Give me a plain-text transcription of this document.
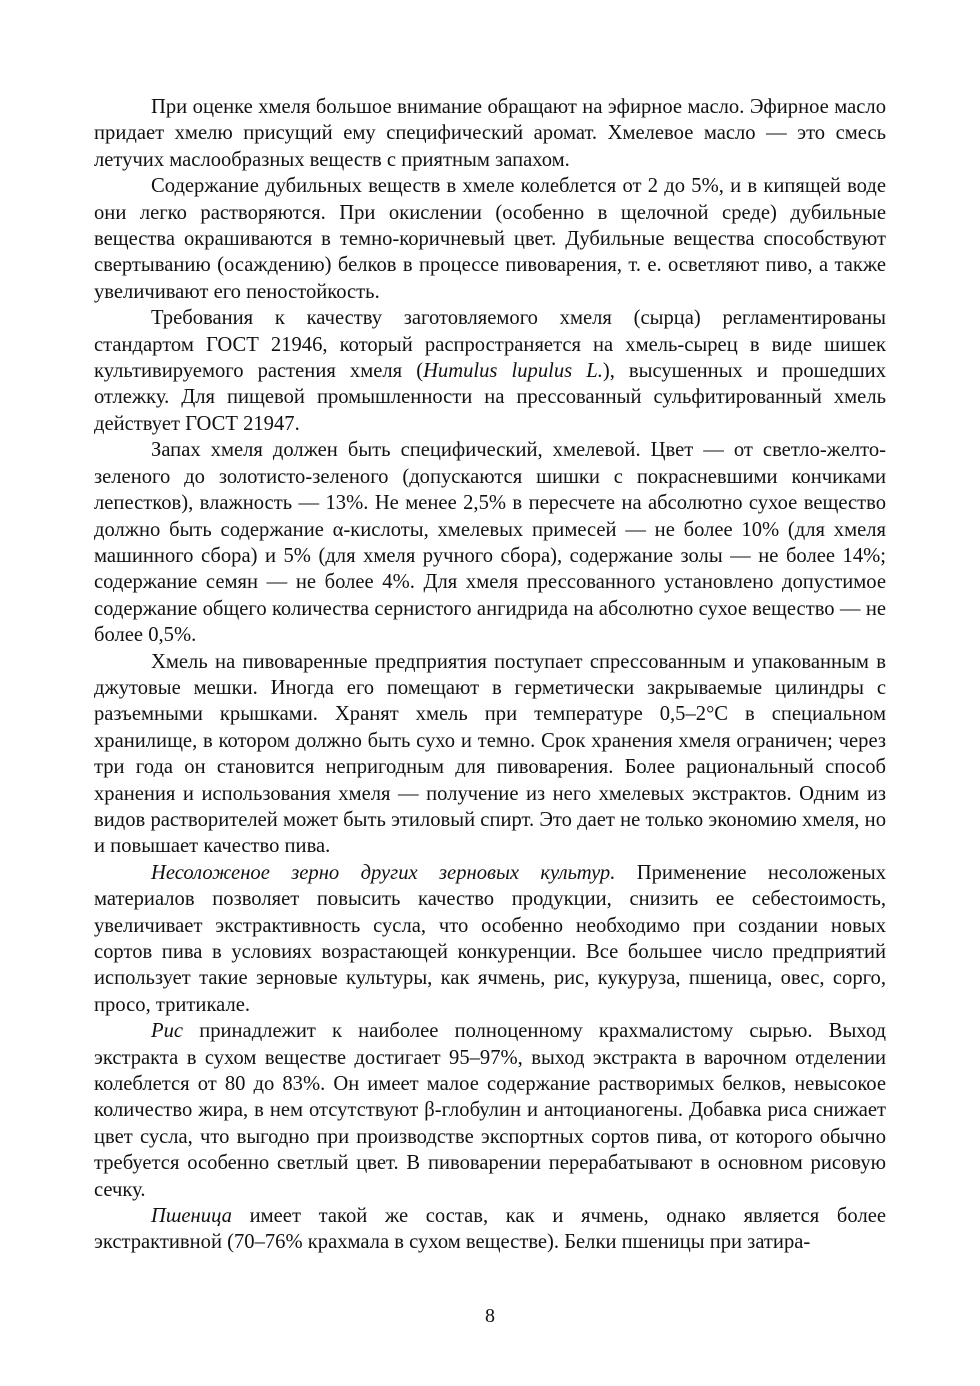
При оценке хмеля большое внимание обращают на эфирное масло. Эфирное масло придает хмелю присущий ему специфический аромат. Хмелевое масло — это смесь летучих маслообразных веществ с приятным запахом.

Содержание дубильных веществ в хмеле колеблется от 2 до 5%, и в кипящей воде они легко растворяются. При окислении (особенно в щелочной среде) дубильные вещества окрашиваются в темно-коричневый цвет. Дубильные вещества способствуют свертыванию (осаждению) белков в процессе пивоварения, т. е. осветляют пиво, а также увеличивают его пеностойкость.

Требования к качеству заготовляемого хмеля (сырца) регламентированы стандартом ГОСТ 21946, который распространяется на хмель-сырец в виде шишек культивируемого растения хмеля (Humulus lupulus L.), высушенных и прошедших отлежку. Для пищевой промышленности на прессованный сульфитированный хмель действует ГОСТ 21947.

Запах хмеля должен быть специфический, хмелевой. Цвет — от светло-желто-зеленого до золотисто-зеленого (допускаются шишки с покрасневшими кончиками лепестков), влажность — 13%. Не менее 2,5% в пересчете на абсолютно сухое вещество должно быть содержание α-кислоты, хмелевых примесей — не более 10% (для хмеля машинного сбора) и 5% (для хмеля ручного сбора), содержание золы — не более 14%; содержание семян — не более 4%. Для хмеля прессованного установлено допустимое содержание общего количества сернистого ангидрида на абсолютно сухое вещество — не более 0,5%.

Хмель на пивоваренные предприятия поступает спрессованным и упакованным в джутовые мешки. Иногда его помещают в герметически закрываемые цилиндры с разъемными крышками. Хранят хмель при температуре 0,5–2°С в специальном хранилище, в котором должно быть сухо и темно. Срок хранения хмеля ограничен; через три года он становится непригодным для пивоварения. Более рациональный способ хранения и использования хмеля — получение из него хмелевых экстрактов. Одним из видов растворителей может быть этиловый спирт. Это дает не только экономию хмеля, но и повышает качество пива.

Несоложеное зерно других зерновых культур. Применение несоложеных материалов позволяет повысить качество продукции, снизить ее себестоимость, увеличивает экстрактивность сусла, что особенно необходимо при создании новых сортов пива в условиях возрастающей конкуренции. Все большее число предприятий использует такие зерновые культуры, как ячмень, рис, кукуруза, пшеница, овес, сорго, просо, тритикале.

Рис принадлежит к наиболее полноценному крахмалистому сырью. Выход экстракта в сухом веществе достигает 95–97%, выход экстракта в варочном отделении колеблется от 80 до 83%. Он имеет малое содержание растворимых белков, невысокое количество жира, в нем отсутствуют β-глобулин и антоцианогены. Добавка риса снижает цвет сусла, что выгодно при производстве экспортных сортов пива, от которого обычно требуется особенно светлый цвет. В пивоварении перерабатывают в основном рисовую сечку.

Пшеница имеет такой же состав, как и ячмень, однако является более экстрактивной (70–76% крахмала в сухом веществе). Белки пшеницы при затира-

8
